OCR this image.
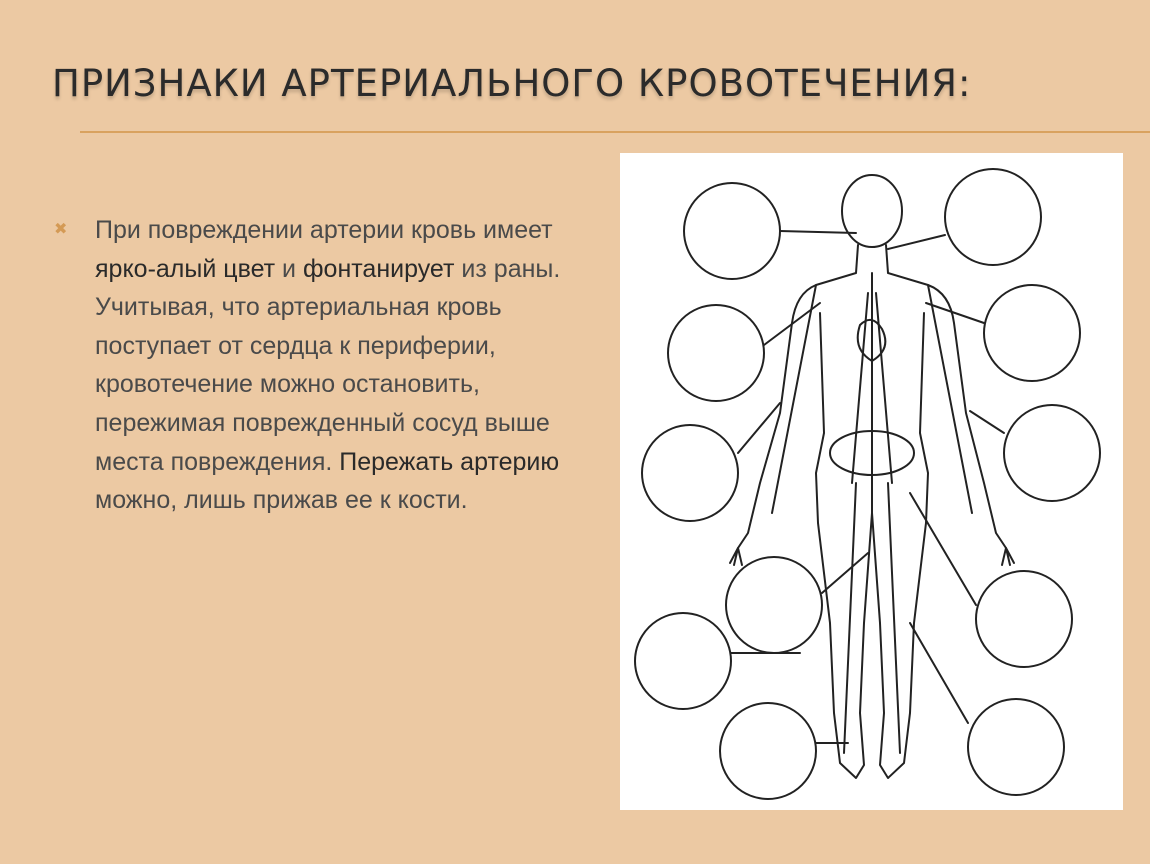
ПРИЗНАКИ АРТЕРИАЛЬНОГО КРОВОТЕЧЕНИЯ:
✖ При повреждении артерии кровь имеет ярко-алый цвет и фонтанирует из раны. Учитывая, что артериальная кровь поступает от сердца к периферии, кровотечение можно остановить, пережимая поврежденный сосуд выше места повреждения. Пережать артерию можно, лишь прижав ее к кости.
